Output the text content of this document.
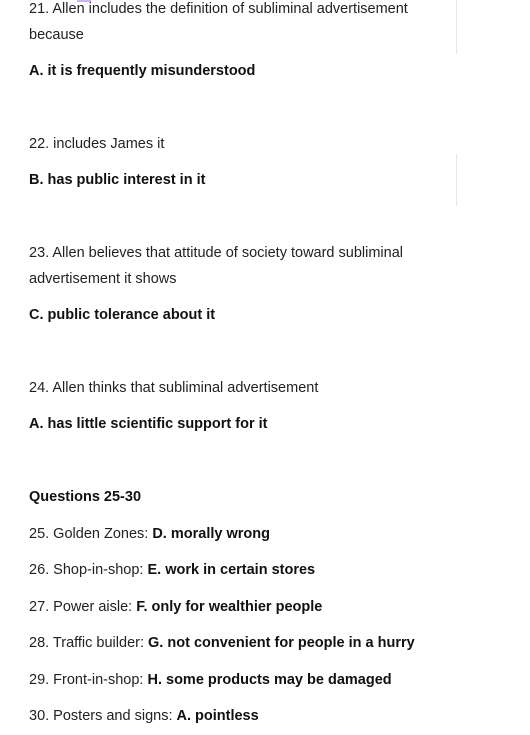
21. Allen includes the definition of subliminal advertisement
because
A. it is frequently misunderstood
22. includes James it
B. has public interest in it
23. Allen believes that attitude of society toward subliminal
advertisement it shows
C. public tolerance about it
24. Allen thinks that subliminal advertisement
A. has little scientific support for it
Questions 25-30
25. Golden Zones: D. morally wrong
26. Shop-in-shop: E. work in certain stores
27. Power aisle: F. only for wealthier people
28. Traffic builder: G. not convenient for people in a hurry
29. Front-in-shop: H. some products may be damaged
30. Posters and signs: A. pointless
